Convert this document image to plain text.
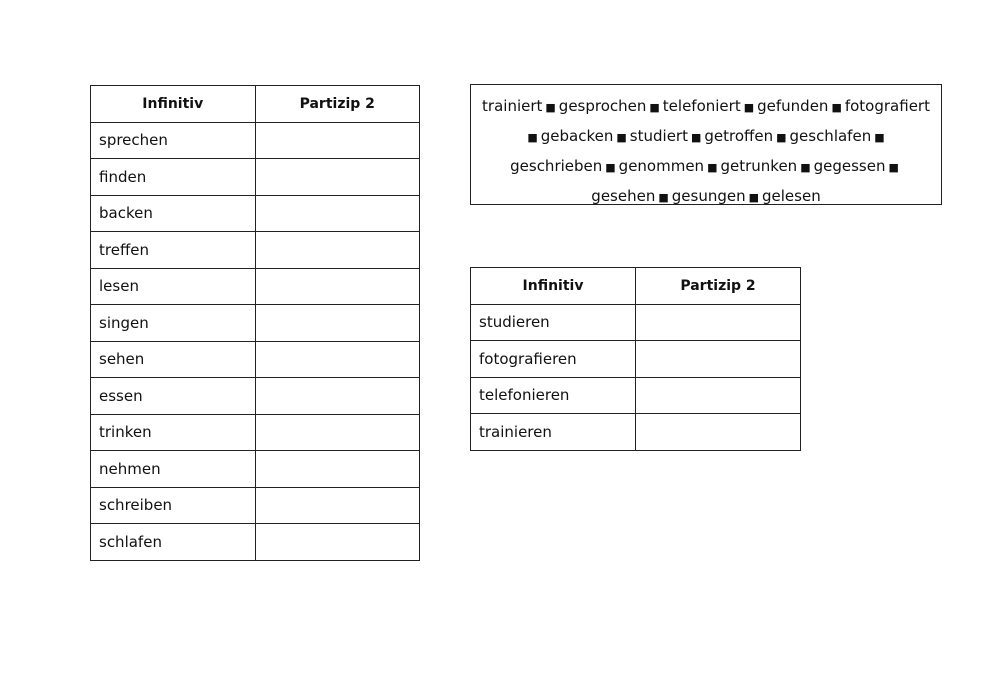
Infinitiv	Partizip 2
sprechen	
finden	
backen	
treffen	
lesen	
singen	
sehen	
essen	
trinken	
nehmen	
schreiben	
schlafen	
trainiert ■ gesprochen ■ telefoniert ■ gefunden ■ fotografiert
■ gebacken ■ studiert ■ getroffen ■ geschlafen ■
geschrieben ■ genommen ■ getrunken ■ gegessen ■
gesehen ■ gesungen ■ gelesen
Infinitiv	Partizip 2
studieren	
fotografieren	
telefonieren	
trainieren	
